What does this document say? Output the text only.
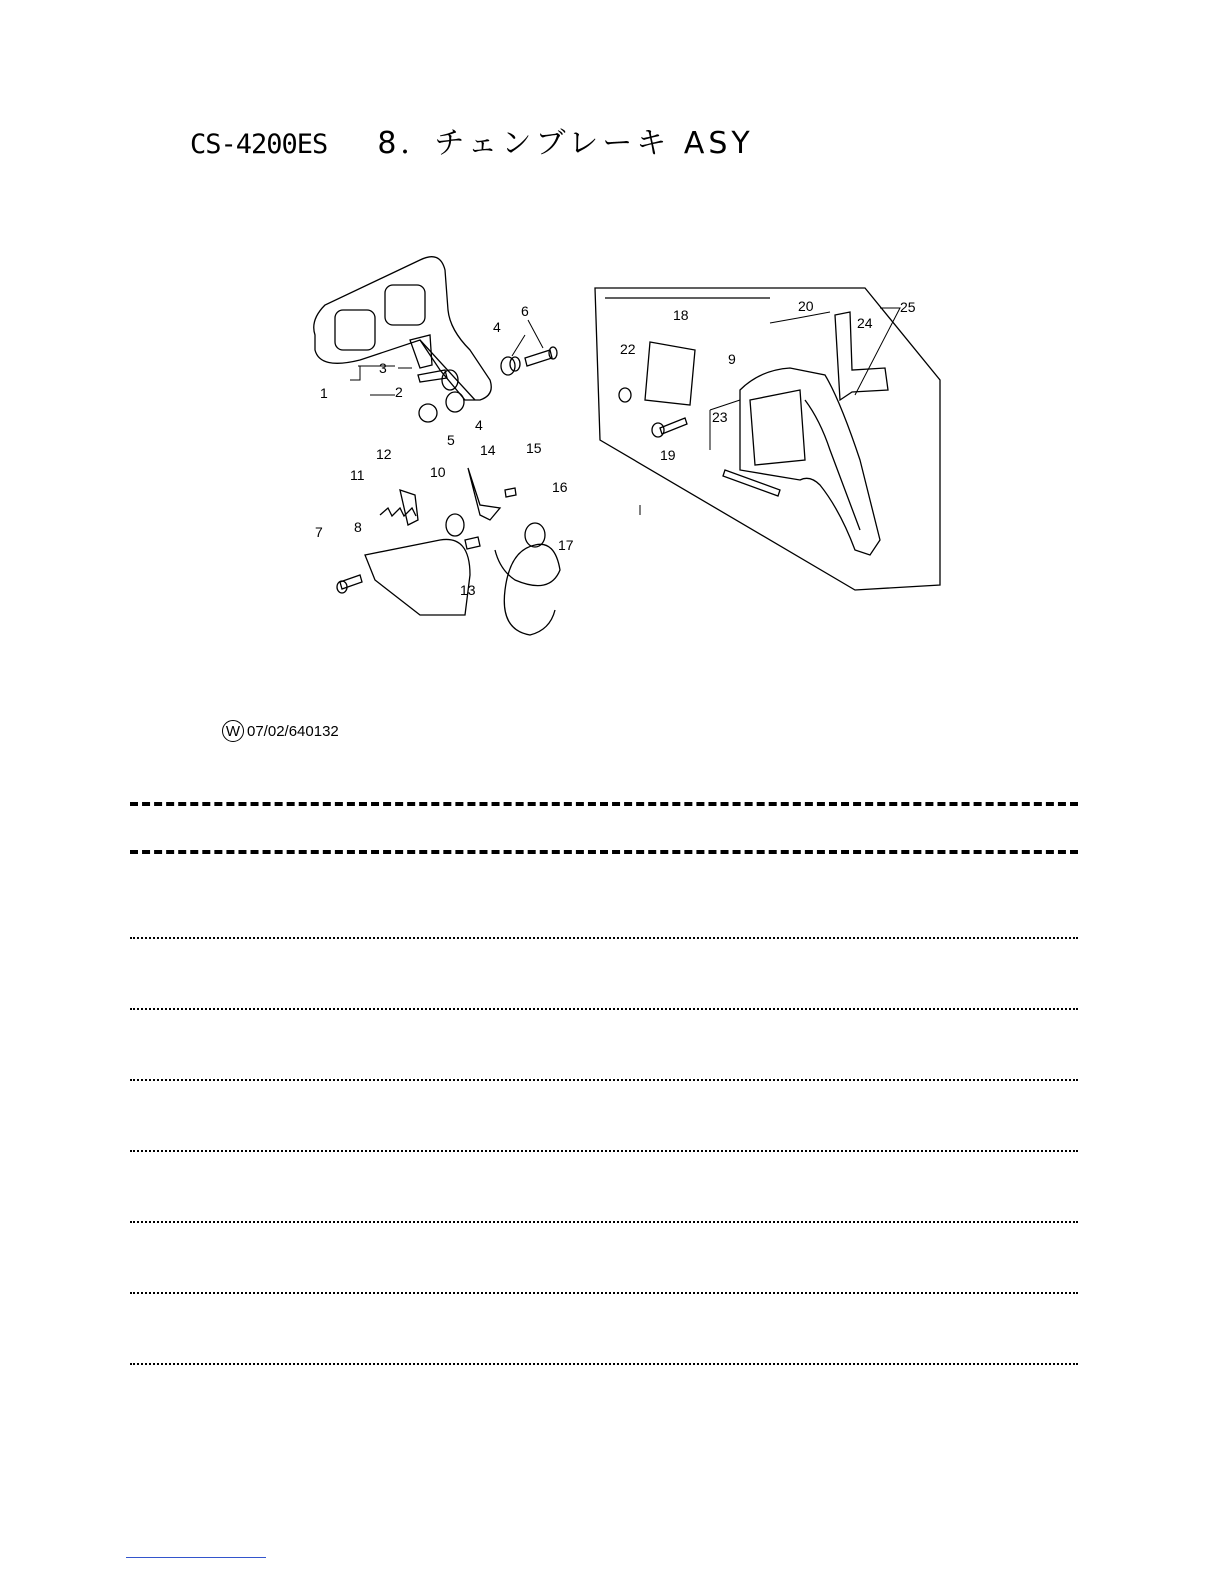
CS-4200ES 8．チェンブレーキ ASY
1	2
3
4
4
5
6
7 8
10
11
12
13
14 15
16
17
9
18
19
20
22
23
24
25
W 07/02/640132
